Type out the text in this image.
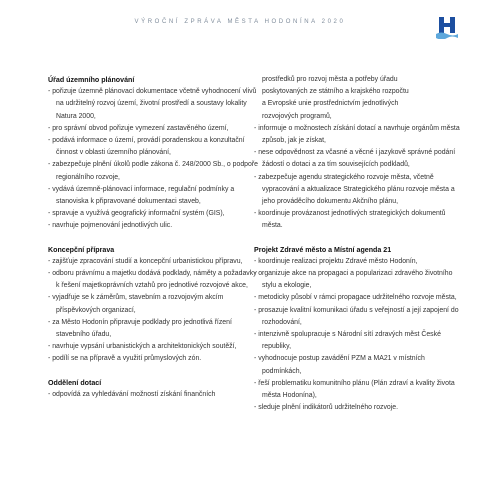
VÝROČNÍ ZPRÁVA MĚSTA HODONÍNA 2020
Úřad územního plánování
- pořizuje územně plánovací dokumentace včetně vyhodnocení vlivů na udržitelný rozvoj území, životní prostředí a soustavy lokality Natura 2000,
- pro správní obvod pořizuje vymezení zastavěného území,
- podává informace o území, provádí poradenskou a konzultační činnost v oblasti územního plánování,
- zabezpečuje plnění úkolů podle zákona č. 248/2000 Sb., o podpoře regionálního rozvoje,
- vydává územně-plánovací informace, regulační podmínky a stanoviska k připravované dokumentaci staveb,
- spravuje a využívá geografický informační systém (GIS),
- navrhuje pojmenování jednotlivých ulic.
Koncepční příprava
- zajišťuje zpracování studií a koncepční urbanistickou přípravu,
- odboru právnímu a majetku dodává podklady, náměty a požadavky k řešení majetkoprávních vztahů pro jednotlivé rozvojové akce,
- vyjadřuje se k záměrům, stavebním a rozvojovým akcím příspěvkových organizací,
- za Město Hodonín připravuje podklady pro jednotlivá řízení stavebního úřadu,
- navrhuje vypsání urbanistických a architektonických soutěží,
- podílí se na přípravě a využití průmyslových zón.
Oddělení dotací
- odpovídá za vyhledávání možností získání finančních
prostředků pro rozvoj města a potřeby úřadu
poskytovaných ze státního a krajského rozpočtu
a Evropské unie prostřednictvím jednotlivých
rozvojových programů,
- informuje o možnostech získání dotací a navrhuje orgánům města způsob, jak je získat,
- nese odpovědnost za včasné a věcné i jazykově správné podání žádostí o dotaci a za tím souvisejících podkladů,
- zabezpečuje agendu strategického rozvoje města, včetně vypracování a aktualizace Strategického plánu rozvoje města a jeho prováděcího dokumentu Akčního plánu,
- koordinuje provázanost jednotlivých strategických dokumentů města.
Projekt Zdravé město a Místní agenda 21
- koordinuje realizaci projektu Zdravé město Hodonín,
- organizuje akce na propagaci a popularizaci zdravého životního stylu a ekologie,
- metodicky působí v rámci propagace udržitelného rozvoje města,
- prosazuje kvalitní komunikaci úřadu s veřejností a její zapojení do rozhodování,
- intenzivně spolupracuje s Národní sítí zdravých měst České republiky,
- vyhodnocuje postup zavádění PZM a MA21 v místních podmínkách,
- řeší problematiku komunitního plánu (Plán zdraví a kvality života města Hodonína),
- sleduje plnění indikátorů udržitelného rozvoje.
